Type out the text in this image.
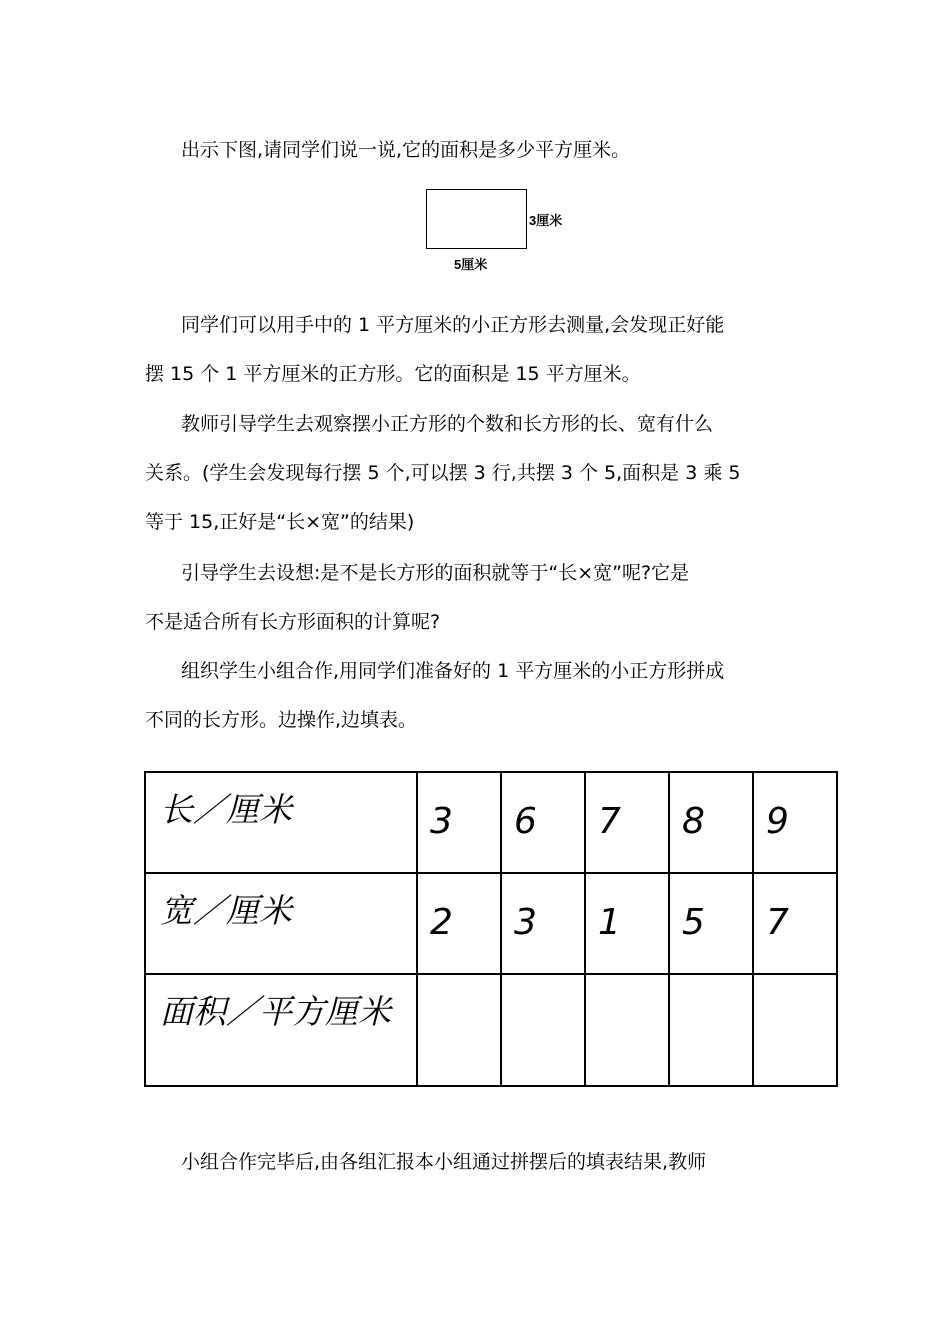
出示下图,请同学们说一说,它的面积是多少平方厘米。

3厘米
5厘米

同学们可以用手中的 1 平方厘米的小正方形去测量,会发现正好能
摆 15 个 1 平方厘米的正方形。它的面积是 15 平方厘米。

教师引导学生去观察摆小正方形的个数和长方形的长、宽有什么
关系。(学生会发现每行摆 5 个,可以摆 3 行,共摆 3 个 5,面积是 3 乘 5
等于 15,正好是“长×宽”的结果)

引导学生去设想:是不是长方形的面积就等于“长×宽”呢?它是
不是适合所有长方形面积的计算呢?

组织学生小组合作,用同学们准备好的 1 平方厘米的小正方形拼成
不同的长方形。边操作,边填表。

长／厘米	3	6	7	8	9
宽／厘米	2	3	1	5	7
面积／平方厘米					

小组合作完毕后,由各组汇报本小组通过拼摆后的填表结果,教师
